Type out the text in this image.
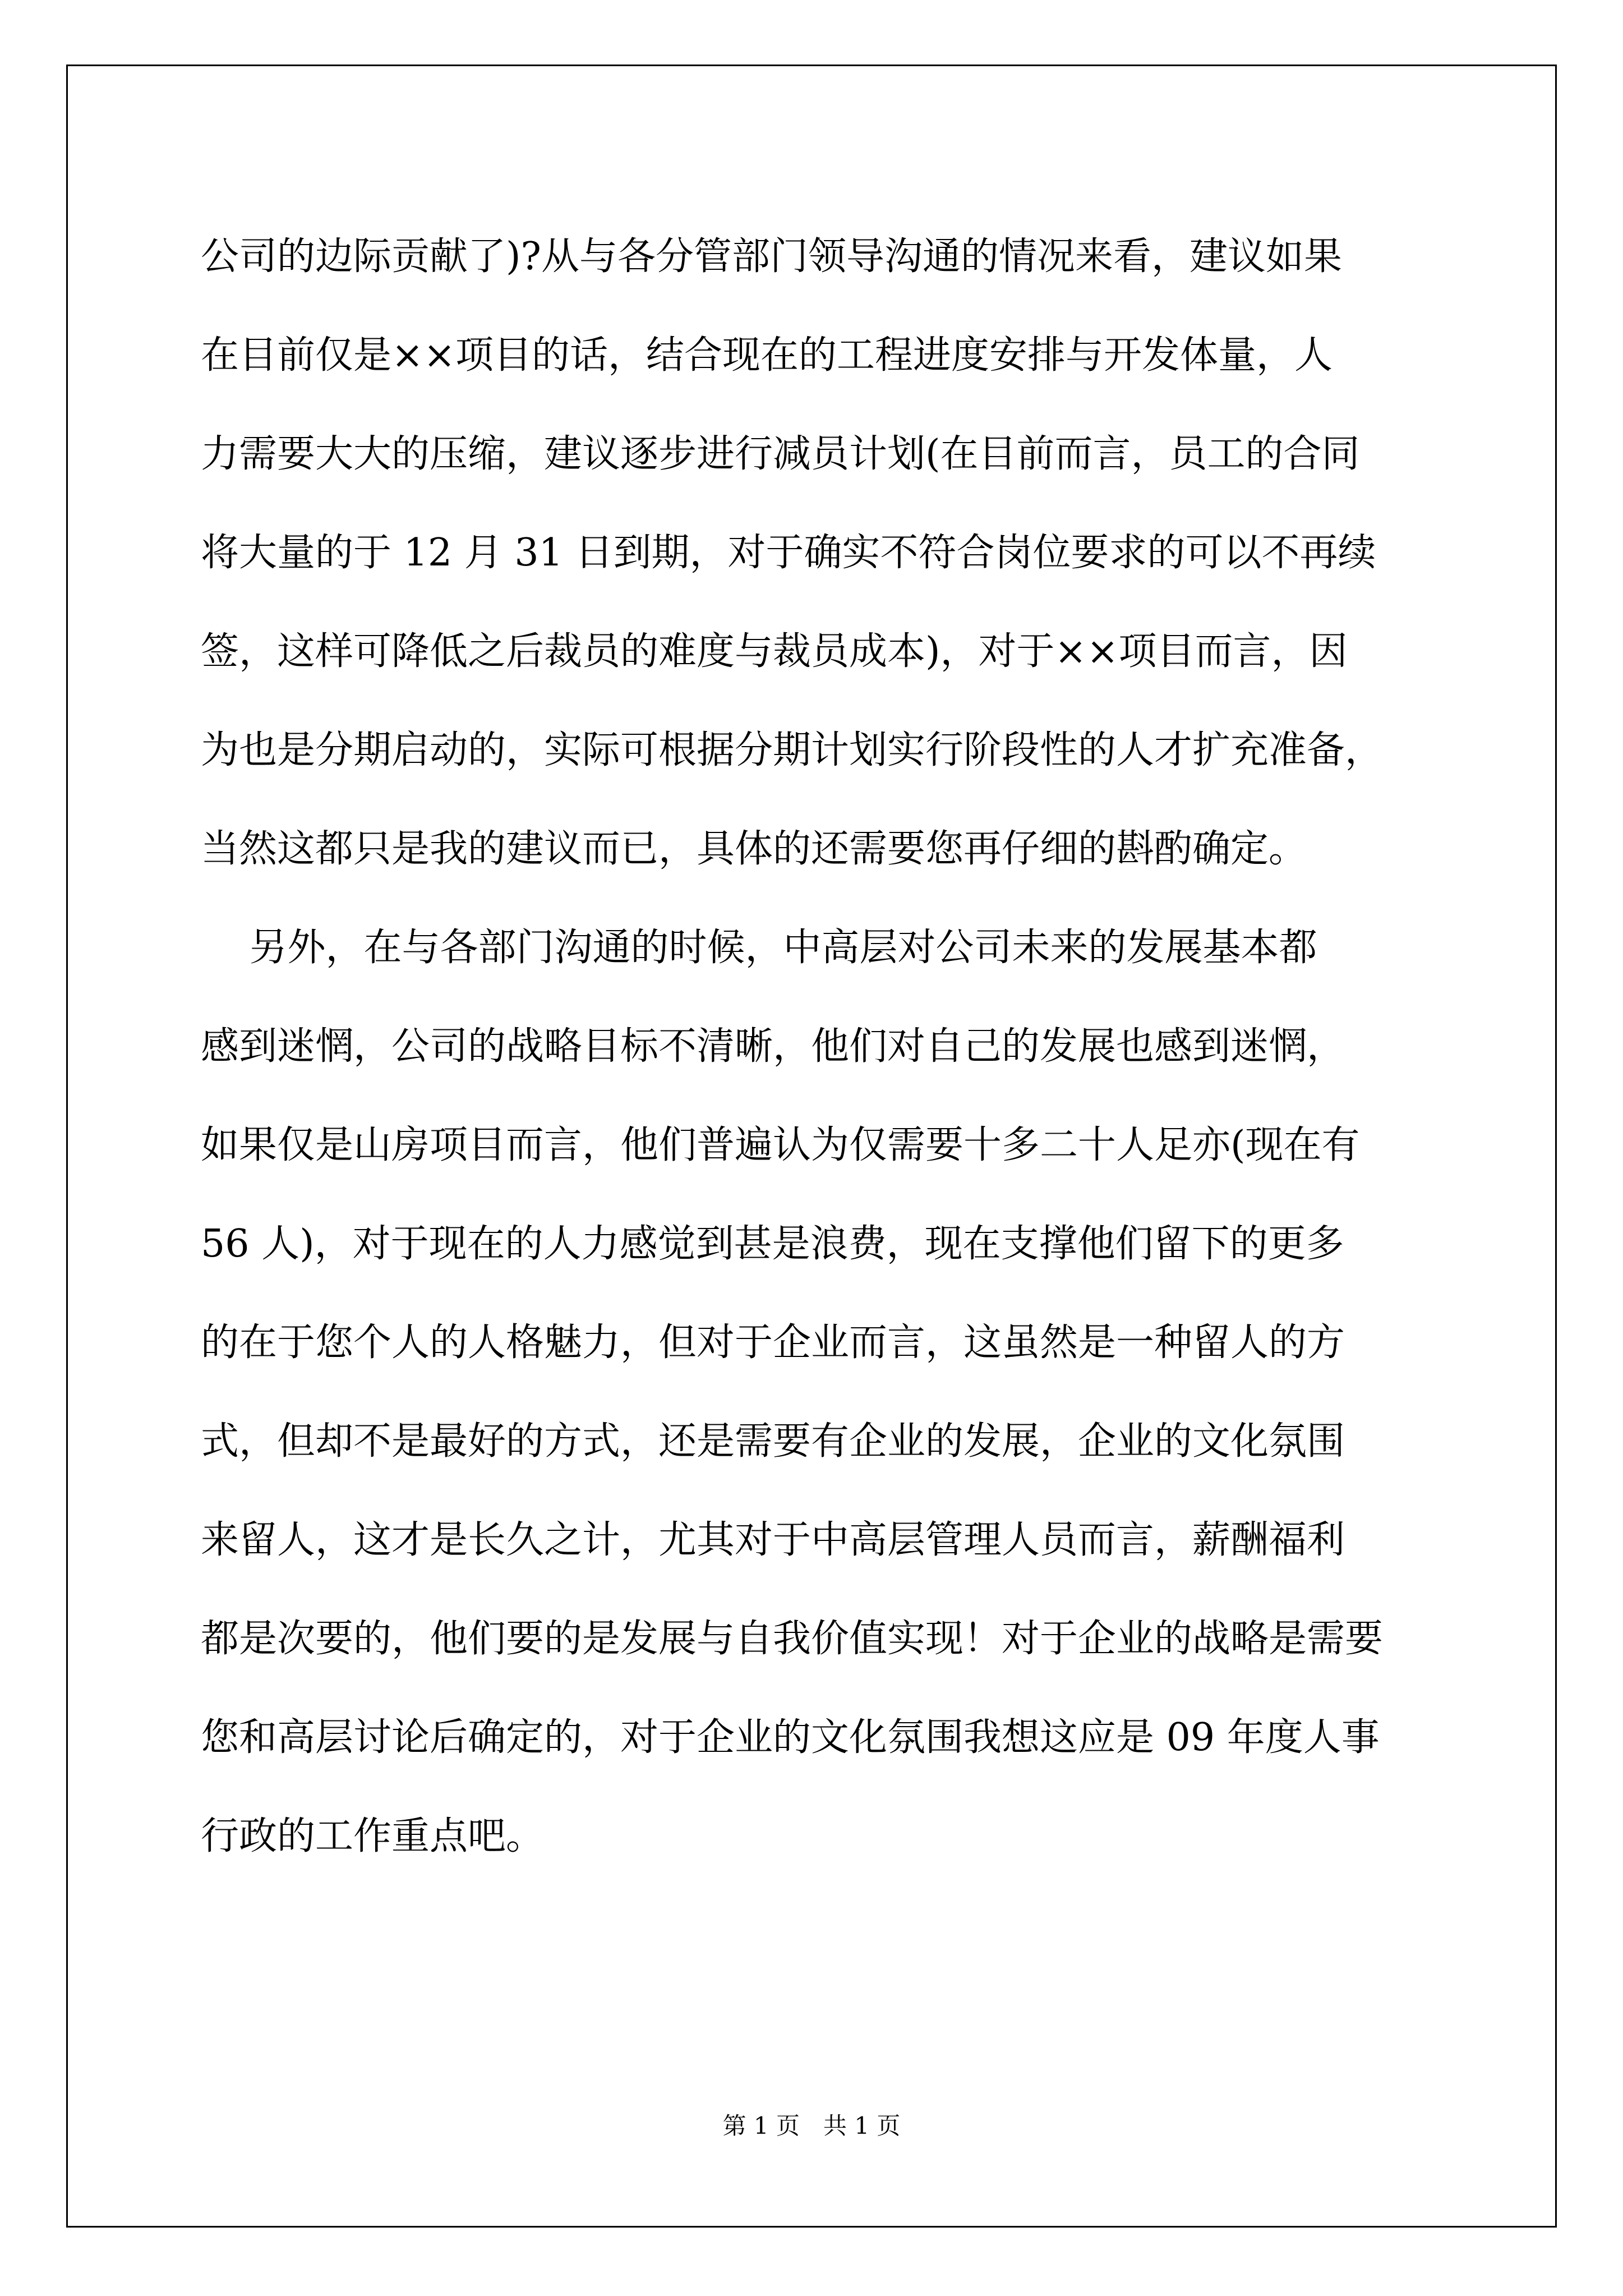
公司的边际贡献了)?从与各分管部门领导沟通的情况来看，建议如果

在目前仅是××项目的话，结合现在的工程进度安排与开发体量，人

力需要大大的压缩，建议逐步进行减员计划(在目前而言，员工的合同

将大量的于 12 月 31 日到期，对于确实不符合岗位要求的可以不再续

签，这样可降低之后裁员的难度与裁员成本)，对于××项目而言，因

为也是分期启动的，实际可根据分期计划实行阶段性的人才扩充准备，

当然这都只是我的建议而已，具体的还需要您再仔细的斟酌确定。

另外，在与各部门沟通的时候，中高层对公司未来的发展基本都

感到迷惘，公司的战略目标不清晰，他们对自己的发展也感到迷惘，

如果仅是山房项目而言，他们普遍认为仅需要十多二十人足亦(现在有

56 人)，对于现在的人力感觉到甚是浪费，现在支撑他们留下的更多

的在于您个人的人格魅力，但对于企业而言，这虽然是一种留人的方

式，但却不是最好的方式，还是需要有企业的发展，企业的文化氛围

来留人，这才是长久之计，尤其对于中高层管理人员而言，薪酬福利

都是次要的，他们要的是发展与自我价值实现！对于企业的战略是需要

您和高层讨论后确定的，对于企业的文化氛围我想这应是 09 年度人事

行政的工作重点吧。

第 1 页　共 1 页
